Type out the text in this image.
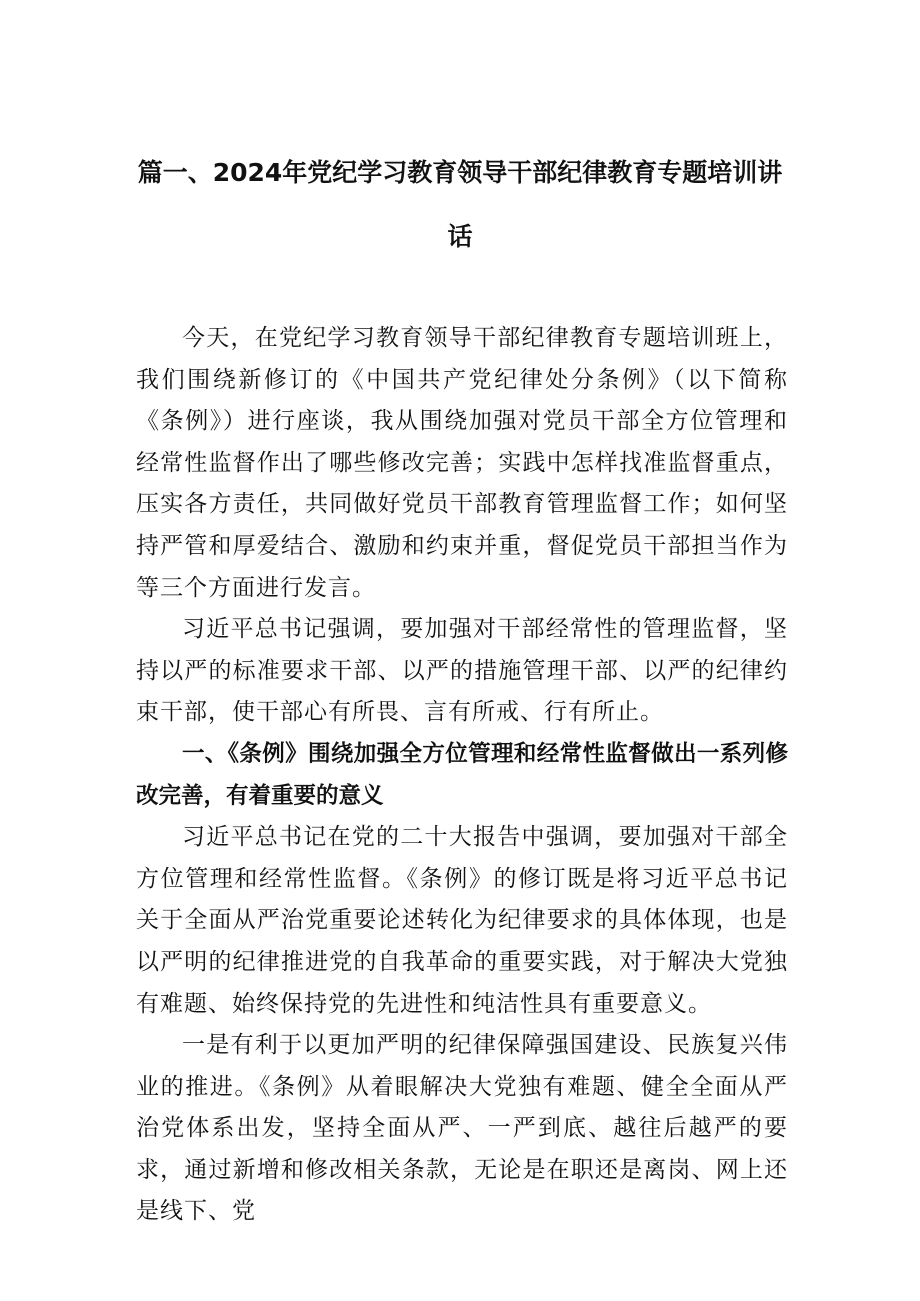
篇一、2024年党纪学习教育领导干部纪律教育专题培训讲
话

今天，在党纪学习教育领导干部纪律教育专题培训班上，我们围绕新修订的《中国共产党纪律处分条例》（以下简称《条例》）进行座谈，我从围绕加强对党员干部全方位管理和经常性监督作出了哪些修改完善；实践中怎样找准监督重点，压实各方责任，共同做好党员干部教育管理监督工作；如何坚持严管和厚爱结合、激励和约束并重，督促党员干部担当作为等三个方面进行发言。

习近平总书记强调，要加强对干部经常性的管理监督，坚持以严的标准要求干部、以严的措施管理干部、以严的纪律约束干部，使干部心有所畏、言有所戒、行有所止。

一、《条例》围绕加强全方位管理和经常性监督做出一系列修改完善，有着重要的意义

习近平总书记在党的二十大报告中强调，要加强对干部全方位管理和经常性监督。《条例》的修订既是将习近平总书记关于全面从严治党重要论述转化为纪律要求的具体体现，也是以严明的纪律推进党的自我革命的重要实践，对于解决大党独有难题、始终保持党的先进性和纯洁性具有重要意义。

一是有利于以更加严明的纪律保障强国建设、民族复兴伟业的推进。《条例》从着眼解决大党独有难题、健全全面从严治党体系出发，坚持全面从严、一严到底、越往后越严的要求，通过新增和修改相关条款，无论是在职还是离岗、网上还是线下、党
